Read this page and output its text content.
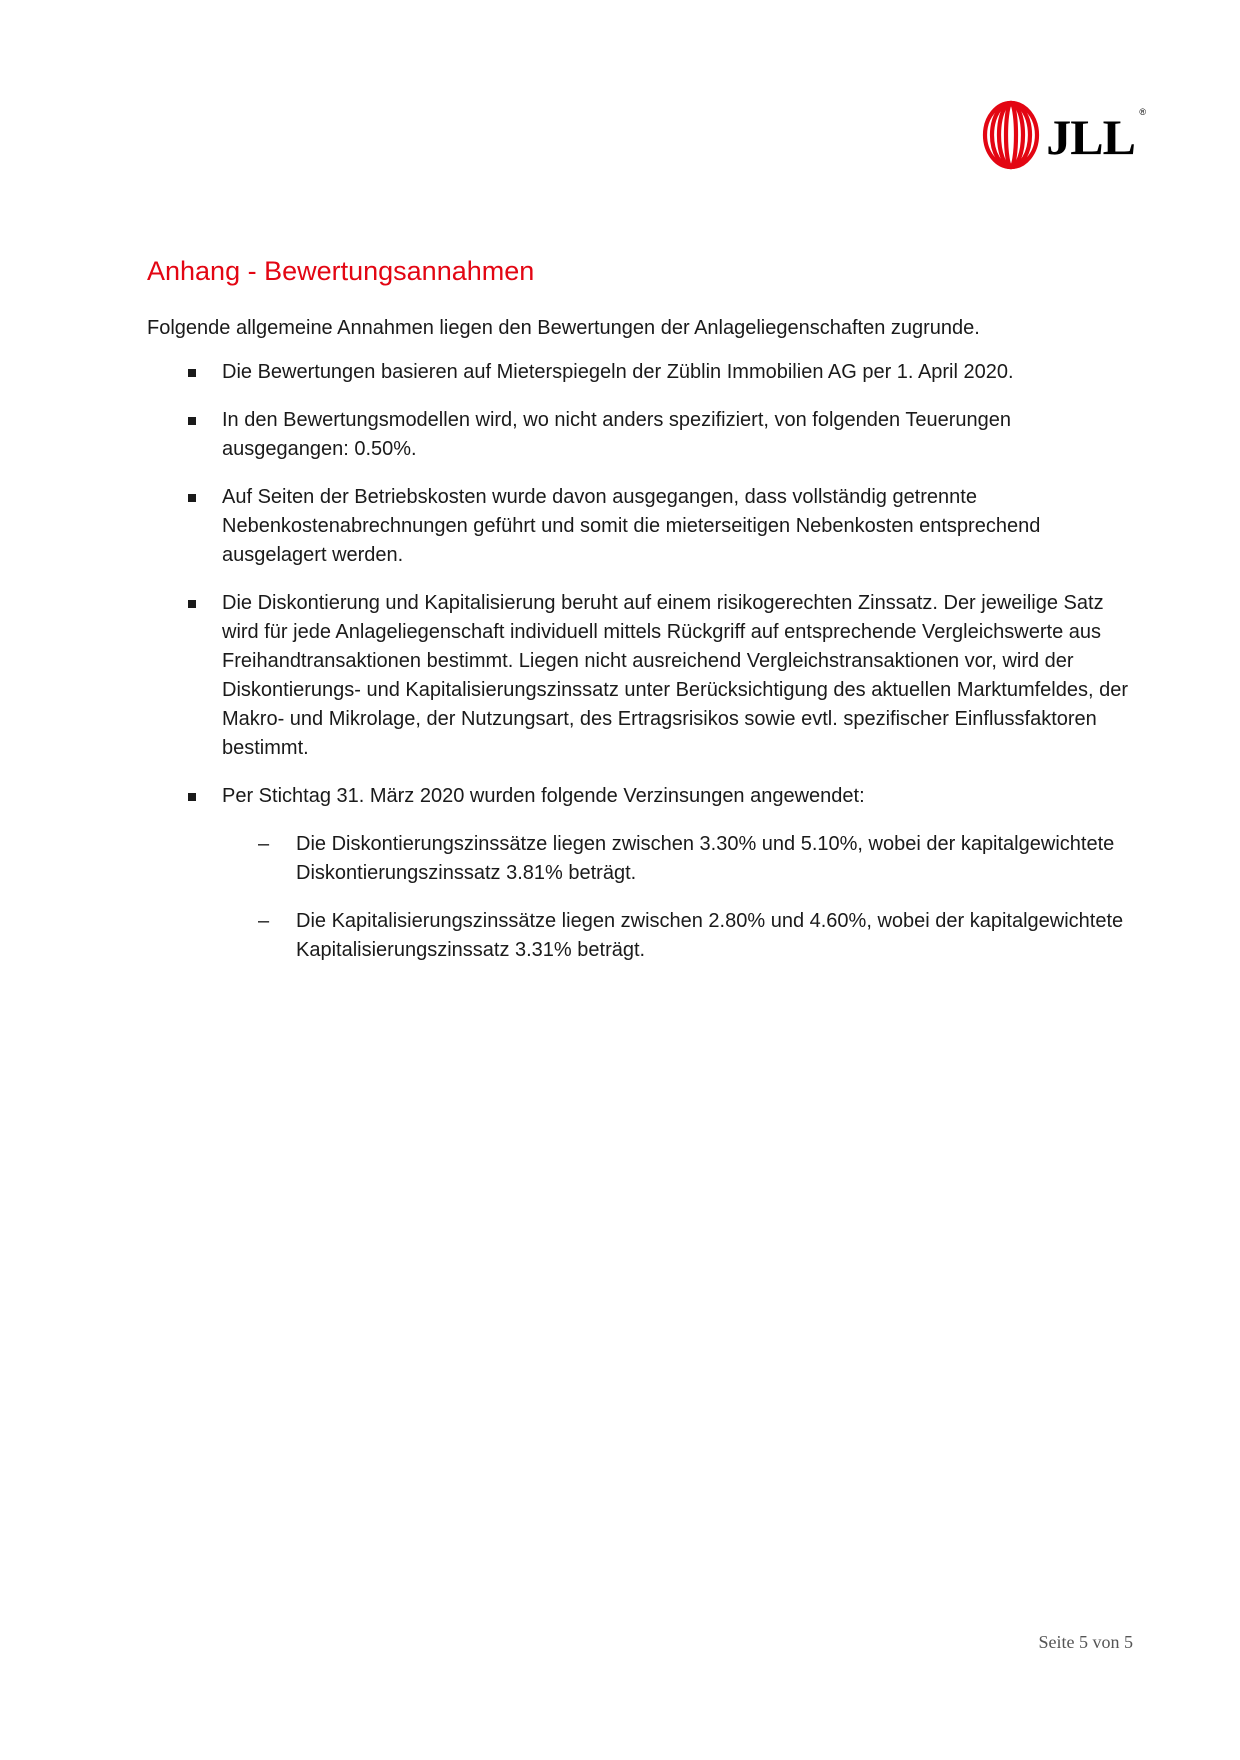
JLL ®
Anhang - Bewertungsannahmen

Folgende allgemeine Annahmen liegen den Bewertungen der Anlageliegenschaften zugrunde.

Die Bewertungen basieren auf Mieterspiegeln der Züblin Immobilien AG per 1. April 2020.
In den Bewertungsmodellen wird, wo nicht anders spezifiziert, von folgenden Teuerungen ausgegangen: 0.50%.
Auf Seiten der Betriebskosten wurde davon ausgegangen, dass vollständig getrennte Nebenkostenabrechnungen geführt und somit die mieterseitigen Nebenkosten entsprechend ausgelagert werden.
Die Diskontierung und Kapitalisierung beruht auf einem risikogerechten Zinssatz. Der jeweilige Satz wird für jede Anlageliegenschaft individuell mittels Rückgriff auf entsprechende Vergleichswerte aus Freihandtransaktionen bestimmt. Liegen nicht ausreichend Vergleichstransaktionen vor, wird der Diskontierungs- und Kapitalisierungszinssatz unter Berücksichtigung des aktuellen Marktumfeldes, der Makro- und Mikrolage, der Nutzungsart, des Ertragsrisikos sowie evtl. spezifischer Einflussfaktoren bestimmt.
Per Stichtag 31. März 2020 wurden folgende Verzinsungen angewendet:
– Die Diskontierungszinssätze liegen zwischen 3.30% und 5.10%, wobei der kapitalgewichtete Diskontierungszinssatz 3.81% beträgt.
– Die Kapitalisierungszinssätze liegen zwischen 2.80% und 4.60%, wobei der kapitalgewichtete Kapitalisierungszinssatz 3.31% beträgt.
Seite 5 von 5
